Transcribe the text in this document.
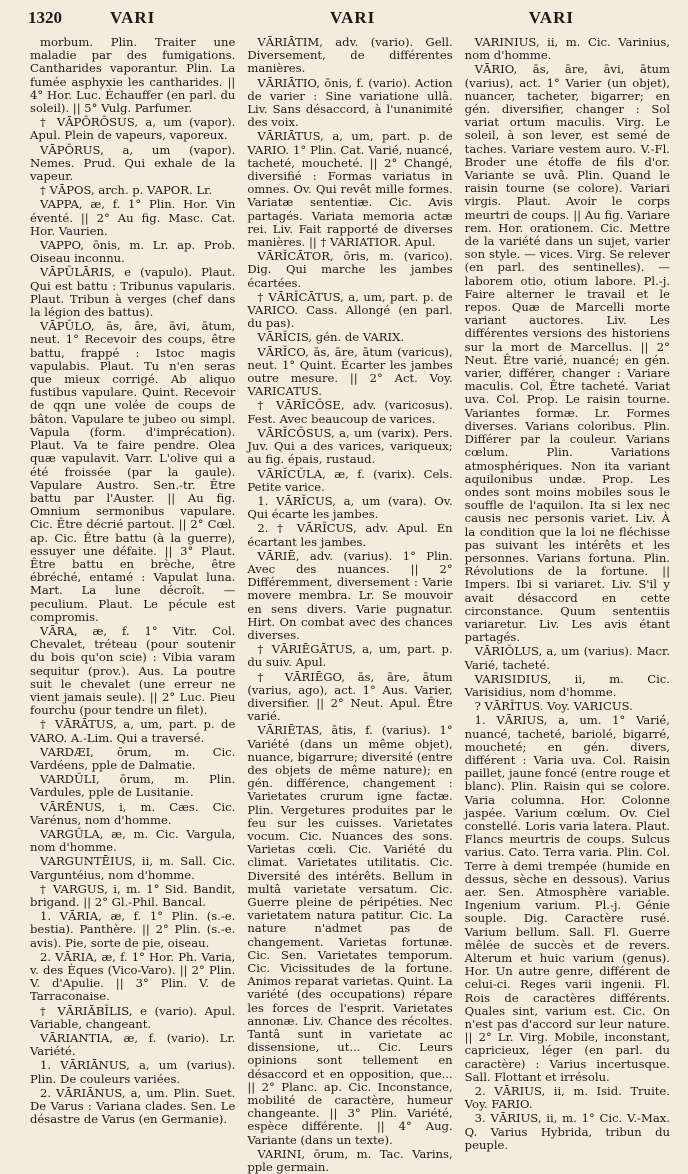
1320	VARI	VARI	VARI

morbum. Plin. Traiter une maladie par des fumigations. Cantharides vaporantur. Plin. La fumée asphyxie les cantharides. || 4° Hor. Luc. Échauffer (en parl. du soleil). || 5° Vulg. Parfumer.

† VĀPŌRŌSUS, a, um (vapor). Apul. Plein de vapeurs, vaporeux.

VĀPŌRUS, a, um (vapor). Nemes. Prud. Qui exhale de la vapeur.

† VĀPOS, arch. p. VAPOR. Lr.

VAPPA, æ, f. 1° Plin. Hor. Vin éventé. || 2° Au fig. Masc. Cat. Hor. Vaurien.

VAPPO, ōnis, m. Lr. ap. Prob. Oiseau inconnu.

VĀPŪLĀRIS, e (vapulo). Plaut. Qui est battu : Tribunus vapularis. Plaut. Tribun à verges (chef dans la légion des battus).

VĀPŪLO, ās, āre, āvi, ātum, neut. 1° Recevoir des coups, être battu, frappé : Istoc magis vapulabis. Plaut. Tu n'en seras que mieux corrigé. Ab aliquo fustibus vapulare. Quint. Recevoir de qqn une volée de coups de bâton. Vapulare te jubeo ou simpl. Vapula (form. d'imprécation). Plaut. Va te faire pendre. Olea quæ vapulavit. Varr. L'olive qui a été froissée (par la gaule). Vapulare Austro. Sen.-tr. Être battu par l'Auster. || Au fig. Omnium sermonibus vapulare. Cic. Être décrié partout. || 2° Cœl. ap. Cic. Être battu (à la guerre), essuyer une défaite. || 3° Plaut. Être battu en brèche, être ébréché, entamé : Vapulat luna. Mart. La lune décroît. — peculium. Plaut. Le pécule est compromis.

VĀRA, æ, f. 1° Vitr. Col. Chevalet, tréteau (pour soutenir du bois qu'on scie) : Vibia varam sequitur (prov.). Aus. La poutre suit le chevalet (une erreur ne vient jamais seule). || 2° Luc. Pieu fourchu (pour tendre un filet).

† VĀRĀTUS, a, um, part. p. de VARO. A.-Lim. Qui a traversé.

VARDÆI, ōrum, m. Cic. Vardéens, pple de Dalmatie.

VARDŬLI, ōrum, m. Plin. Vardules, pple de Lusitanie.

VĀRĒNUS, i, m. Cæs. Cic. Varénus, nom d'homme.

VARGŬLA, æ, m. Cic. Vargula, nom d'homme.

VARGUNTĒIUS, ii, m. Sall. Cic. Varguntéius, nom d'homme.

† VARGUS, i, m. 1° Sid. Bandit, brigand. || 2° Gl.-Phil. Bancal.

1. VĀRIA, æ, f. 1° Plin. (s.-e. bestia). Panthère. || 2° Plin. (s.-e. avis). Pie, sorte de pie, oiseau.

2. VĀRIA, æ, f. 1° Hor. Ph. Varia, v. des Èques (Vico-Varo). || 2° Plin. V. d'Apulie. || 3° Plin. V. de Tarraconaise.

† VĀRIĀBĬLIS, e (vario). Apul. Variable, changeant.

VĀRIANTIA, æ, f. (vario). Lr. Variété.

1. VĀRIĀNUS, a, um (varius). Plin. De couleurs variées.

2. VĀRIĀNUS, a, um. Plin. Suet. De Varus : Variana clades. Sen. Le désastre de Varus (en Germanie).

VĀRIĀTIM, adv. (vario). Gell. Diversement, de différentes manières.

VĀRIĀTIO, ōnis, f. (vario). Action de varier : Sine variatione ullâ. Liv. Sans désaccord, à l'unanimité des voix.

VĀRIĀTUS, a, um, part. p. de VARIO. 1° Plin. Cat. Varié, nuancé, tacheté, moucheté. || 2° Changé, diversifié : Formas variatus in omnes. Ov. Qui revêt mille formes. Variatæ sententiæ. Cic. Avis partagés. Variata memoria actæ rei. Liv. Fait rapporté de diverses manières. || † VARIATIOR. Apul.

VĀRĬCĀTOR, ōris, m. (varico). Dig. Qui marche les jambes écartées.

† VĀRĬCĀTUS, a, um, part. p. de VARICO. Cass. Allongé (en parl. du pas).

VĀRĬCIS, gén. de VARIX.

VĀRĬCO, ās, āre, ātum (varicus), neut. 1° Quint. Écarter les jambes outre mesure. || 2° Act. Voy. VARICATUS.

† VĀRĬCŌSE, adv. (varicosus). Fest. Avec beaucoup de varices.

VĀRĬCŌSUS, a, um (varix). Pers. Juv. Qui a des varices, variqueux; au fig. épais, rustaud.

VĀRĬCŬLA, æ, f. (varix). Cels. Petite varice.

1. VĀRĬCUS, a, um (vara). Ov. Qui écarte les jambes.

2. † VĀRĬCUS, adv. Apul. En écartant les jambes.

VĀRIĒ, adv. (varius). 1° Plin. Avec des nuances. || 2° Différemment, diversement : Varie movere membra. Lr. Se mouvoir en sens divers. Varie pugnatur. Hirt. On combat avec des chances diverses.

† VĀRIĒGĀTUS, a, um, part. p. du suiv. Apul.

† VĀRIĒGO, ās, āre, ātum (varius, ago), act. 1° Aus. Varier, diversifier. || 2° Neut. Apul. Être varié.

VĀRIĒTAS, ātis, f. (varius). 1° Variété (dans un même objet), nuance, bigarrure; diversité (entre des objets de même nature); en gén. différence, changement : Varietates crurum igne factæ. Plin. Vergetures produites par le feu sur les cuisses. Varietates vocum. Cic. Nuances des sons. Varietas cœli. Cic. Variété du climat. Varietates utilitatis. Cic. Diversité des intérêts. Bellum in multâ varietate versatum. Cic. Guerre pleine de péripéties. Nec varietatem natura patitur. Cic. La nature n'admet pas de changement. Varietas fortunæ. Cic. Sen. Varietates temporum. Cic. Vicissitudes de la fortune. Animos reparat varietas. Quint. La variété (des occupations) répare les forces de l'esprit. Varietates annonæ. Liv. Chance des récoltes. Tantâ sunt in varietate ac dissensione, ut... Cic. Leurs opinions sont tellement en désaccord et en opposition, que... || 2° Planc. ap. Cic. Inconstance, mobilité de caractère, humeur changeante. || 3° Plin. Variété, espèce différente. || 4° Aug. Variante (dans un texte).

VARINI, ōrum, m. Tac. Varins, pple germain.

VARINIUS, ii, m. Cic. Varinius, nom d'homme.

VĀRIO, ās, āre, āvi, ātum (varius), act. 1° Varier (un objet), nuancer, tacheter, bigarrer; en gén. diversifier, changer : Sol variat ortum maculis. Virg. Le soleil, à son lever, est semé de taches. Variare vestem auro. V.-Fl. Broder une étoffe de fils d'or. Variante se uvâ. Plin. Quand le raisin tourne (se colore). Variari virgis. Plaut. Avoir le corps meurtri de coups. || Au fig. Variare rem. Hor. orationem. Cic. Mettre de la variété dans un sujet, varier son style. — vices. Virg. Se relever (en parl. des sentinelles). — laborem otio, otium labore. Pl.-j. Faire alterner le travail et le repos. Quæ de Marcelli morte variant auctores. Liv. Les différentes versions des historiens sur la mort de Marcellus. || 2° Neut. Être varié, nuancé; en gén. varier, différer, changer : Variare maculis. Col. Être tacheté. Variat uva. Col. Prop. Le raisin tourne. Variantes formæ. Lr. Formes diverses. Varians coloribus. Plin. Différer par la couleur. Varians cœlum. Plin. Variations atmosphériques. Non ita variant aquilonibus undæ. Prop. Les ondes sont moins mobiles sous le souffle de l'aquilon. Ita si lex nec causis nec personis variet. Liv. À la condition que la loi ne fléchisse pas suivant les intérêts et les personnes. Varians fortuna. Plin. Révolutions de la fortune. || Impers. Ibi si variaret. Liv. S'il y avait désaccord en cette circonstance. Quum sententiis variaretur. Liv. Les avis étant partagés.

VĀRIŎLUS, a, um (varius). Macr. Varié, tacheté.

VARISIDIUS, ii, m. Cic. Varisidius, nom d'homme.

? VĀRĬTUS. Voy. VARICUS.

1. VĀRIUS, a, um. 1° Varié, nuancé, tacheté, bariolé, bigarré, moucheté; en gén. divers, différent : Varia uva. Col. Raisin paillet, jaune foncé (entre rouge et blanc). Plin. Raisin qui se colore. Varia columna. Hor. Colonne jaspée. Varium cœlum. Ov. Ciel constellé. Loris varia latera. Plaut. Flancs meurtris de coups. Sulcus varius. Cato. Terra varia. Plin. Col. Terre à demi trempée (humide en dessus, sèche en dessous). Varius aer. Sen. Atmosphère variable. Ingenium varium. Pl.-j. Génie souple. Dig. Caractère rusé. Varium bellum. Sall. Fl. Guerre mêlée de succès et de revers. Alterum et huic varium (genus). Hor. Un autre genre, différent de celui-ci. Reges varii ingenii. Fl. Rois de caractères différents. Quales sint, varium est. Cic. On n'est pas d'accord sur leur nature. || 2° Lr. Virg. Mobile, inconstant, capricieux, léger (en parl. du caractère) : Varius incertusque. Sall. Flottant et irrésolu.

2. VĀRIUS, ii, m. Isid. Truite. Voy. FARIO.

3. VĀRIUS, ii, m. 1° Cic. V.-Max. Q. Varius Hybrida, tribun du peuple.
